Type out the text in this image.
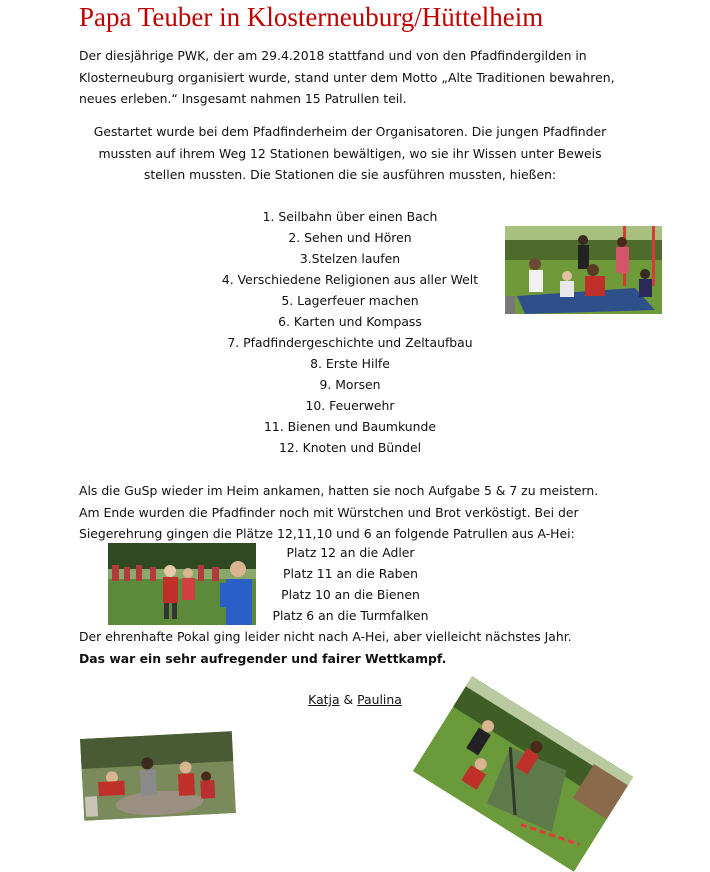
Papa Teuber in Klosterneuburg/Hüttelheim

Der diesjährige PWK, der am 29.4.2018 stattfand und von den Pfadfindergilden in Klosterneuburg organisiert wurde, stand unter dem Motto „Alte Traditionen bewahren, neues erleben.“ Insgesamt nahmen 15 Patrullen teil.

Gestartet wurde bei dem Pfadfinderheim der Organisatoren. Die jungen Pfadfinder mussten auf ihrem Weg 12 Stationen bewältigen, wo sie ihr Wissen unter Beweis stellen mussten. Die Stationen die sie ausführen mussten, hießen:

1. Seilbahn über einen Bach
2. Sehen und Hören
3.Stelzen laufen
4. Verschiedene Religionen aus aller Welt
5. Lagerfeuer machen
6. Karten und Kompass
7. Pfadfindergeschichte und Zeltaufbau
8. Erste Hilfe
9. Morsen
10. Feuerwehr
11. Bienen und Baumkunde
12. Knoten und Bündel

Als die GuSp wieder im Heim ankamen, hatten sie noch Aufgabe 5 & 7 zu meistern. Am Ende wurden die Pfadfinder noch mit Würstchen und Brot verköstigt. Bei der Siegerehrung gingen die Plätze 12,11,10 und 6 an folgende Patrullen aus A-Hei:

Platz 12 an die Adler
Platz 11 an die Raben
Platz 10 an die Bienen
Platz 6 an die Turmfalken

Der ehrenhafte Pokal ging leider nicht nach A-Hei, aber vielleicht nächstes Jahr.

Das war ein sehr aufregender und fairer Wettkampf.

Katja & Paulina
